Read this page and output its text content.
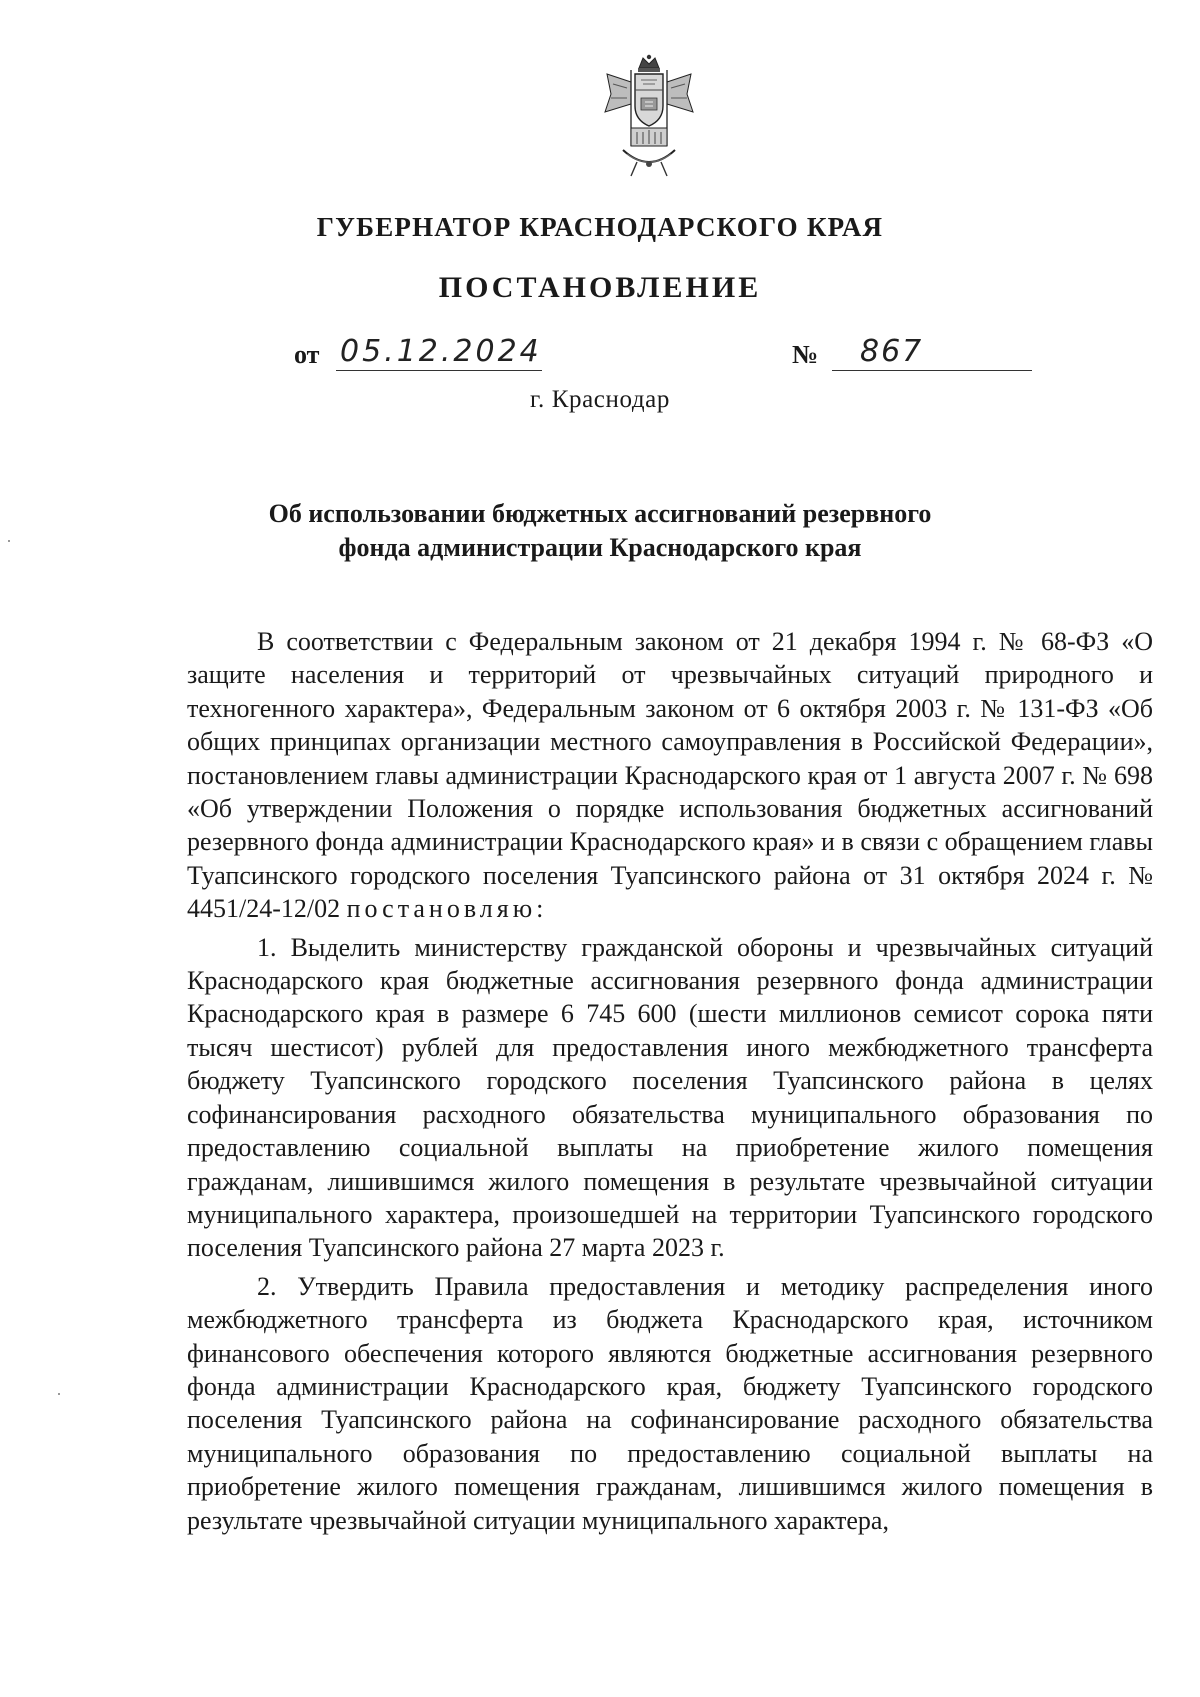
ГУБЕРНАТОР КРАСНОДАРСКОГО КРАЯ
ПОСТАНОВЛЕНИЕ
от 05.12.2024	№ 867
г. Краснодар
Об использовании бюджетных ассигнований резервного
фонда администрации Краснодарского края

В соответствии с Федеральным законом от 21 декабря 1994 г. № 68-ФЗ «О защите населения и территорий от чрезвычайных ситуаций природного и техногенного характера», Федеральным законом от 6 октября 2003 г. № 131-ФЗ «Об общих принципах организации местного самоуправления в Российской Федерации», постановлением главы администрации Краснодарского края от 1 августа 2007 г. № 698 «Об утверждении Положения о порядке использования бюджетных ассигнований резервного фонда администрации Краснодарского края» и в связи с обращением главы Туапсинского городского поселения Туапсинского района от 31 октября 2024 г. № 4451/24-12/02 постановляю:

1. Выделить министерству гражданской обороны и чрезвычайных ситуаций Краснодарского края бюджетные ассигнования резервного фонда администрации Краснодарского края в размере 6 745 600 (шести миллионов семисот сорока пяти тысяч шестисот) рублей для предоставления иного межбюджетного трансферта бюджету Туапсинского городского поселения Туапсинского района в целях софинансирования расходного обязательства муниципального образования по предоставлению социальной выплаты на приобретение жилого помещения гражданам, лишившимся жилого помещения в результате чрезвычайной ситуации муниципального характера, произошедшей на территории Туапсинского городского поселения Туапсинского района 27 марта 2023 г.

2. Утвердить Правила предоставления и методику распределения иного межбюджетного трансферта из бюджета Краснодарского края, источником финансового обеспечения которого являются бюджетные ассигнования резервного фонда администрации Краснодарского края, бюджету Туапсинского городского поселения Туапсинского района на софинансирование расходного обязательства муниципального образования по предоставлению социальной выплаты на приобретение жилого помещения гражданам, лишившимся жилого помещения в результате чрезвычайной ситуации муниципального характера,
